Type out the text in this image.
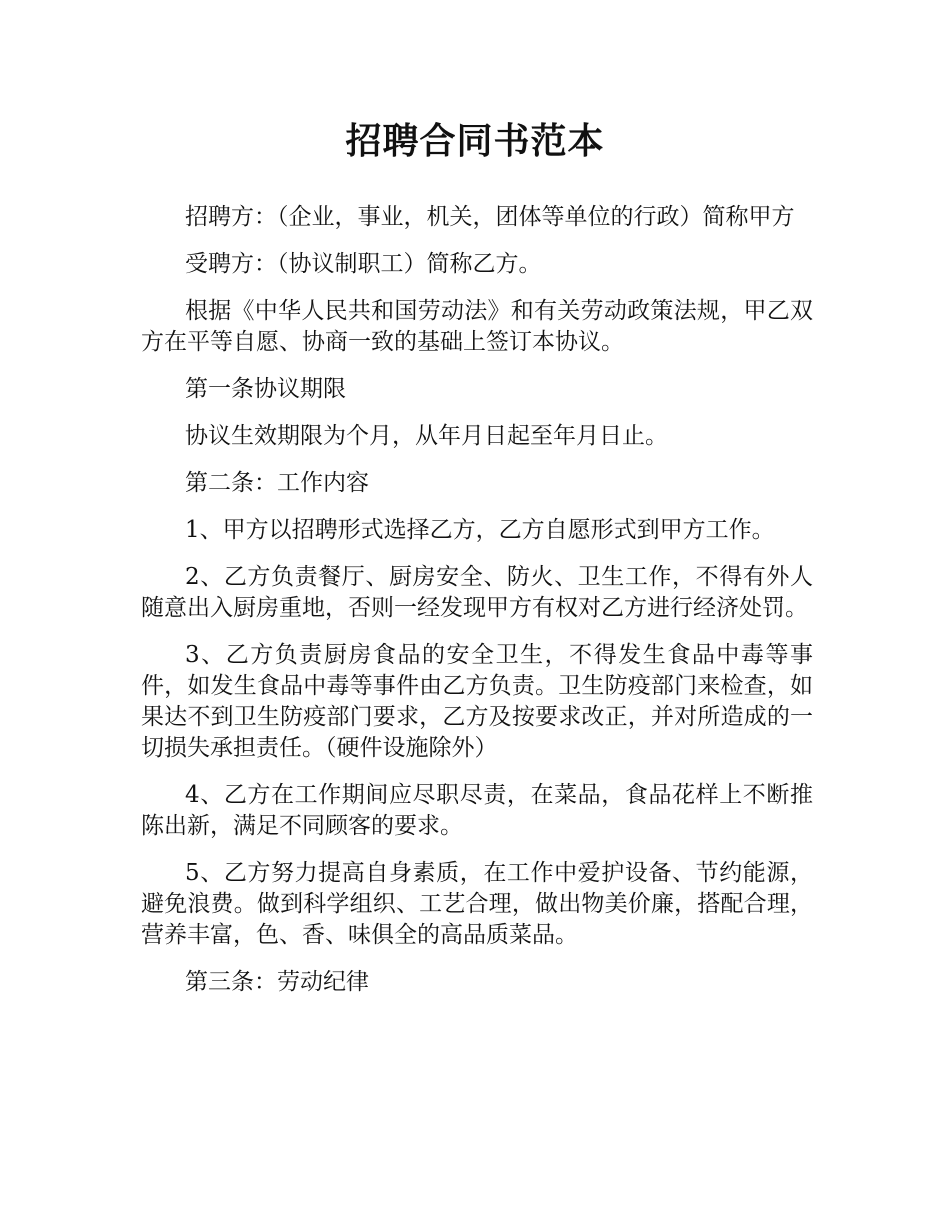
招聘合同书范本

招聘方：（企业，事业，机关，团体等单位的行政）简称甲方

受聘方：（协议制职工）简称乙方。

根据《中华人民共和国劳动法》和有关劳动政策法规，甲乙双方在平等自愿、协商一致的基础上签订本协议。

第一条协议期限

协议生效期限为个月，从年月日起至年月日止。

第二条：工作内容

1、甲方以招聘形式选择乙方，乙方自愿形式到甲方工作。

2、乙方负责餐厅、厨房安全、防火、卫生工作，不得有外人随意出入厨房重地，否则一经发现甲方有权对乙方进行经济处罚。

3、乙方负责厨房食品的安全卫生，不得发生食品中毒等事件，如发生食品中毒等事件由乙方负责。卫生防疫部门来检查，如果达不到卫生防疫部门要求，乙方及按要求改正，并对所造成的一切损失承担责任。（硬件设施除外）

4、乙方在工作期间应尽职尽责，在菜品，食品花样上不断推陈出新，满足不同顾客的要求。

5、乙方努力提高自身素质，在工作中爱护设备、节约能源，避免浪费。做到科学组织、工艺合理，做出物美价廉，搭配合理，营养丰富，色、香、味俱全的高品质菜品。

第三条：劳动纪律
